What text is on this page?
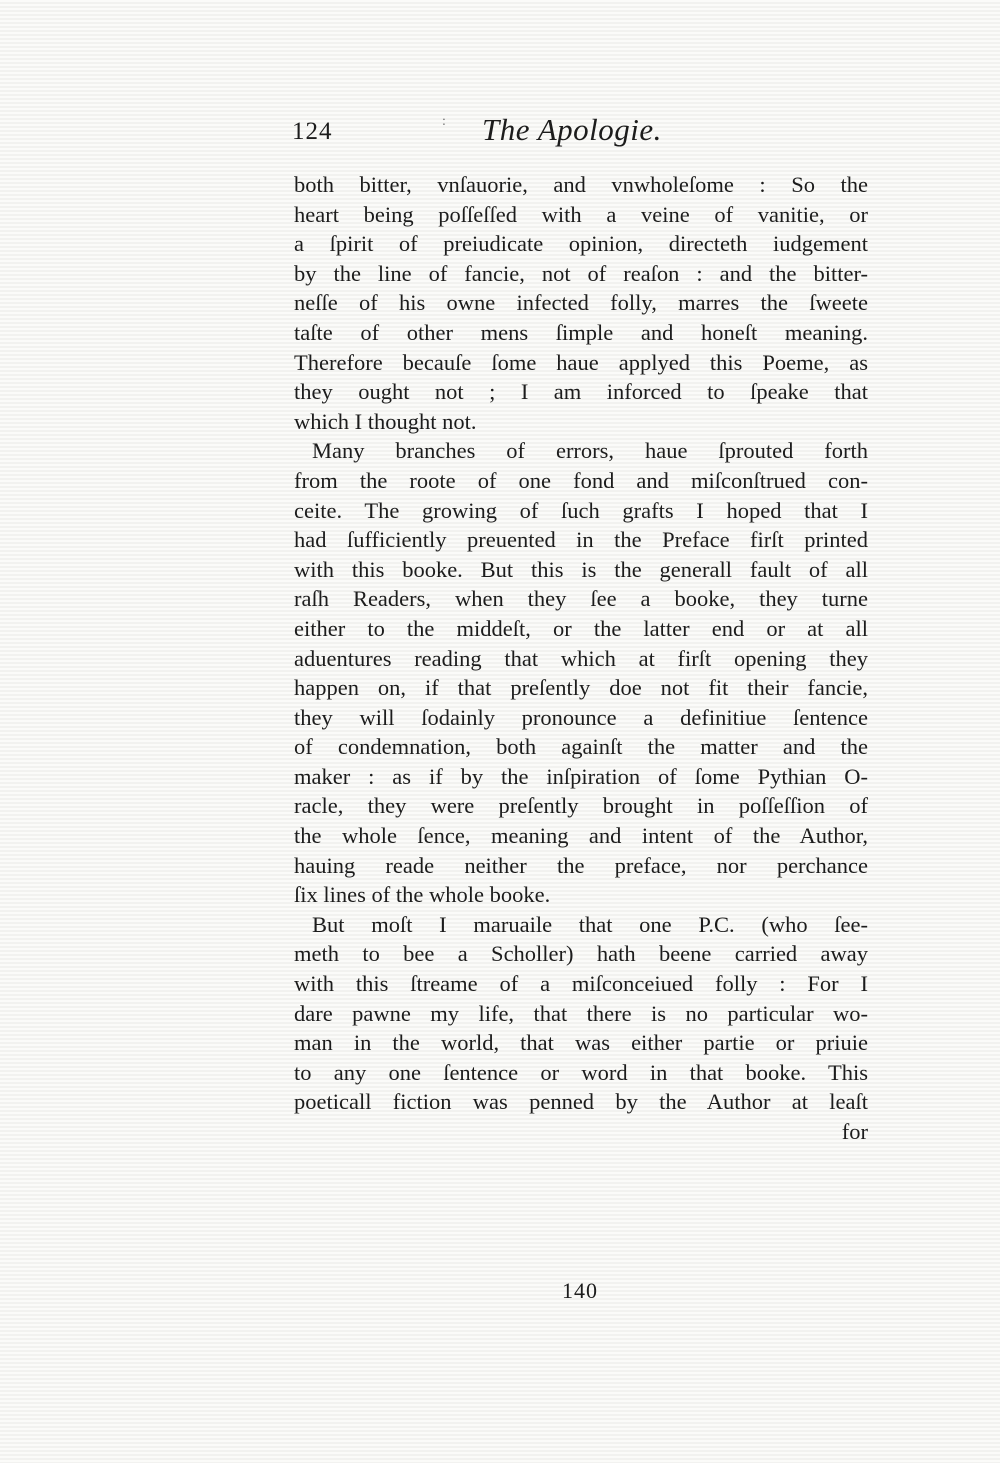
124	: The Apologie.
both bitter, vnſauorie, and vnwholeſome : So the
heart being poſſeſſed with a veine of vanitie, or
a ſpirit of preiudicate opinion, directeth iudgement
by the line of fancie, not of reaſon : and the bitter-
neſſe of his owne infected folly, marres the ſweete
taſte of other mens ſimple and honeſt meaning.
Therefore becauſe ſome haue applyed this Poeme, as
they ought not ; I am inforced to ſpeake that
which I thought not.
Many branches of errors, haue ſprouted forth
from the roote of one fond and miſconſtrued con-
ceite. The growing of ſuch grafts I hoped that I
had ſufficiently preuented in the Preface firſt printed
with this booke. But this is the generall fault of all
raſh Readers, when they ſee a booke, they turne
either to the middeſt, or the latter end or at all
aduentures reading that which at firſt opening they
happen on, if that preſently doe not fit their fancie,
they will ſodainly pronounce a definitiue ſentence
of condemnation, both againſt the matter and the
maker : as if by the inſpiration of ſome Pythian O-
racle, they were preſently brought in poſſeſſion of
the whole ſence, meaning and intent of the Author,
hauing reade neither the preface, nor perchance
ſix lines of the whole booke.
But moſt I maruaile that one P.C. (who ſee-
meth to bee a Scholler) hath beene carried away
with this ſtreame of a miſconceiued folly : For I
dare pawne my life, that there is no particular wo-
man in the world, that was either partie or priuie
to any one ſentence or word in that booke. This
poeticall fiction was penned by the Author at leaſt
for
140
